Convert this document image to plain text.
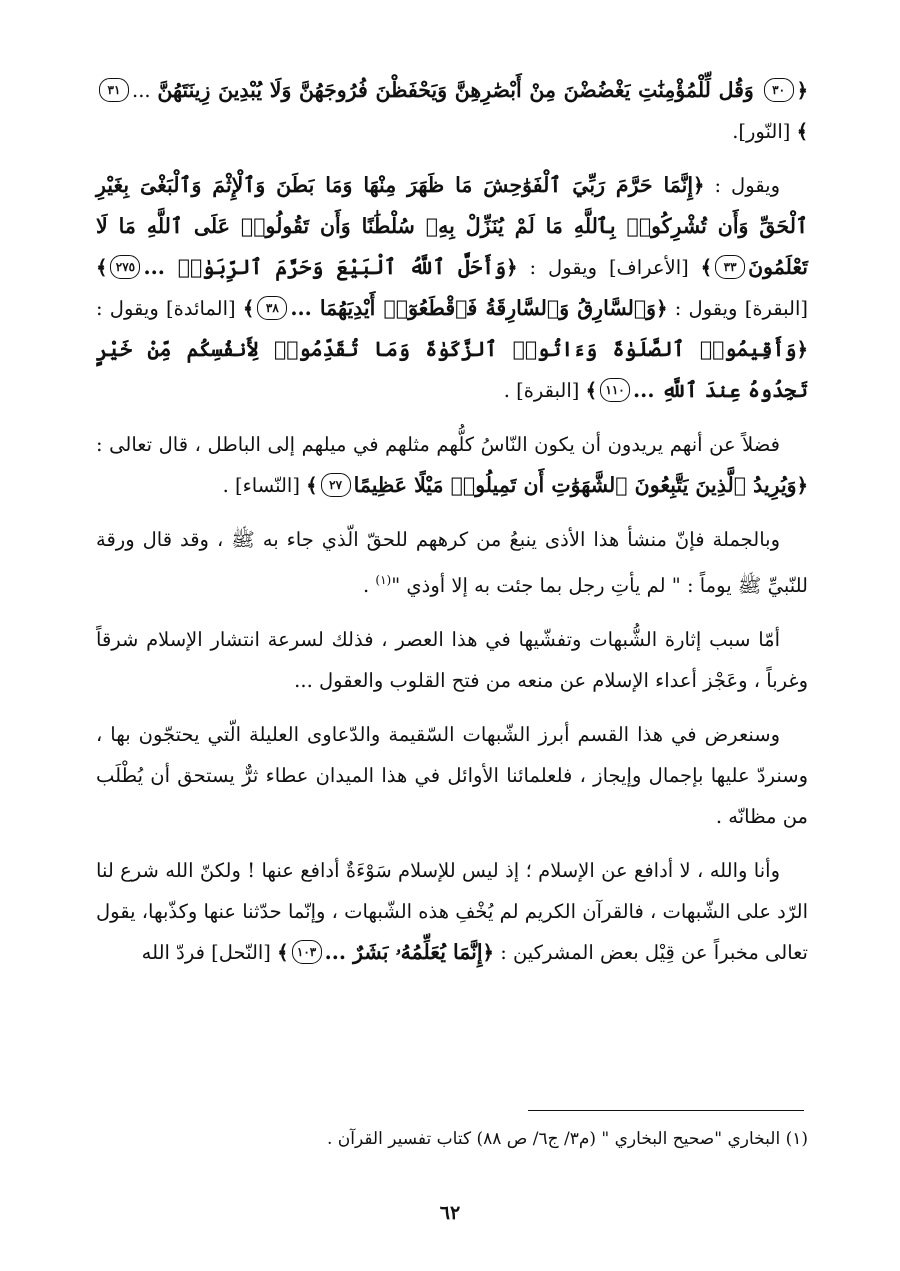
﴿٣٠ وَقُل لِّلْمُؤْمِنَٰتِ يَغْضُضْنَ مِنْ أَبْصَٰرِهِنَّ وَيَحْفَظْنَ فُرُوجَهُنَّ وَلَا يُبْدِينَ زِينَتَهُنَّ ...٣١﴾ [النّور].

ويقول : ﴿إِنَّمَا حَرَّمَ رَبِّيَ ٱلْفَوَٰحِشَ مَا ظَهَرَ مِنْهَا وَمَا بَطَنَ وَٱلْإِثْمَ وَٱلْبَغْىَ بِغَيْرِ ٱلْحَقِّ وَأَن تُشْرِكُوا۟ بِٱللَّهِ مَا لَمْ يُنَزِّلْ بِهِۦ سُلْطَٰنًا وَأَن تَقُولُوا۟ عَلَى ٱللَّهِ مَا لَا تَعْلَمُونَ٣٣﴾ [الأعراف] ويقول : ﴿وَأَحَلَّ ٱللَّهُ ٱلْبَيْعَ وَحَرَّمَ ٱلرِّبَوٰا۟ ...٢٧٥﴾ [البقرة] ويقول : ﴿وَٱلسَّارِقُ وَٱلسَّارِقَةُ فَٱقْطَعُوٓا۟ أَيْدِيَهُمَا ...٣٨﴾ [المائدة] ويقول : ﴿وَأَقِيمُوا۟ ٱلصَّلَوٰةَ وَءَاتُوا۟ ٱلزَّكَوٰةَ وَمَا تُقَدِّمُوا۟ لِأَنفُسِكُم مِّنْ خَيْرٍ تَجِدُوهُ عِندَ ٱللَّهِ ...١١٠﴾ [البقرة] .

فضلاً عن أنهم يريدون أن يكون النّاسُ كلُّهم مثلهم في ميلهم إلى الباطل ، قال تعالى : ﴿وَيُرِيدُ ٱلَّذِينَ يَتَّبِعُونَ ٱلشَّهَوَٰتِ أَن تَمِيلُوا۟ مَيْلًا عَظِيمًا٢٧﴾ [النّساء] .

وبالجملة فإنّ منشأ هذا الأذى ينبعُ من كرههم للحقّ الّذي جاء به ﷺ ، وقد قال ورقة للنّبيِّ ﷺ يوماً : " لم يأتِ رجل بما جئت به إلا أوذي "$^{(١)}$ .

أمّا سبب إثارة الشُّبهات وتفشّيها في هذا العصر ، فذلك لسرعة انتشار الإسلام شرقاً وغرباً ، وعَجْز أعداء الإسلام عن منعه من فتح القلوب والعقول ...

وسنعرض في هذا القسم أبرز الشّبهات السّقيمة والدّعاوى العليلة الّتي يحتجّون بها ، وسنردّ عليها بإجمال وإيجاز ، فلعلمائنا الأوائل في هذا الميدان عطاء ثرٌّ يستحق أن يُطْلَب من مظانّه .

وأنا والله ، لا أدافع عن الإسلام ؛ إذ ليس للإسلام سَوْءَةٌ أدافع عنها ! ولكنّ الله شرع لنا الرّد على الشّبهات ، فالقرآن الكريم لم يُخْفِ هذه الشّبهات ، وإنّما حدّثنا عنها وكذّبها، يقول تعالى مخبراً عن قِيْل بعض المشركين : ﴿إِنَّمَا يُعَلِّمُهُۥ بَشَرٌ ...١٠٣﴾ [النّحل] فردّ الله

(١) البخاري "صحيح البخاري " (م٣/ ج٦/ ص ٨٨) كتاب تفسير القرآن .

٦٢
